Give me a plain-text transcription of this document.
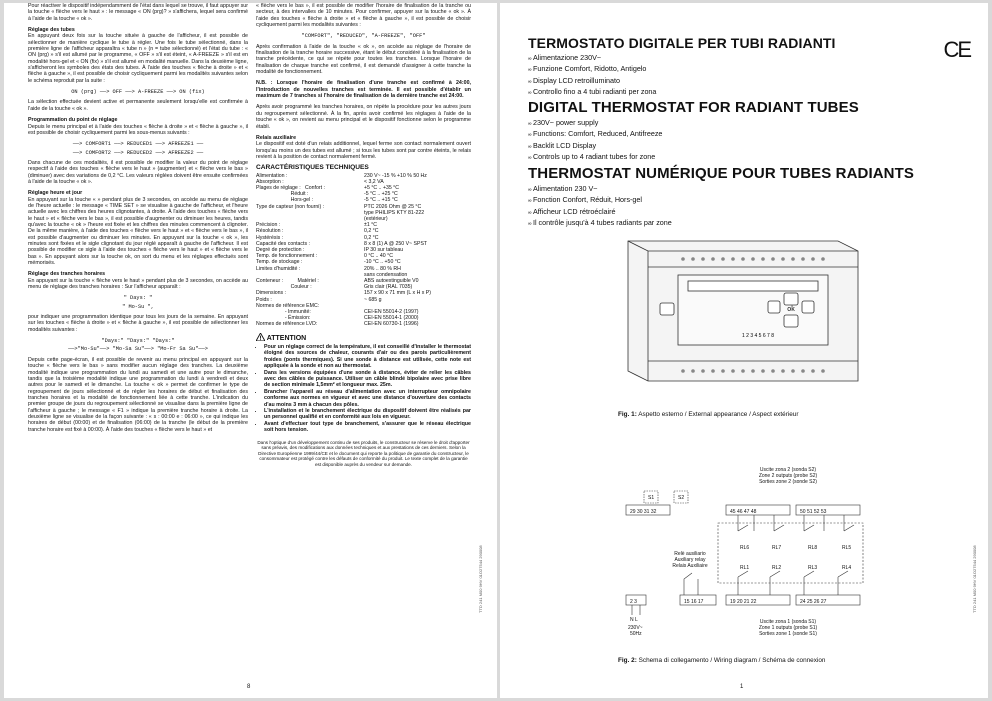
Pour réactiver le dispositif indépendamment de l'état dans lequel se trouve, il faut appuyer sur la touche « flèche vers le haut » : le message « ON (prg)? » s'affichera, lequel sera confirmé à l'aide de la touche « ok ».

Réglage des tubes

En appuyant deux fois sur la touche située à gauche de l'afficheur, il est possible de sélectionner de manière cyclique le tube à régler. Une fois le tube sélectionné, dans la première ligne de l'afficheur apparaîtra « tube n » (n = tube sélectionné) et l'état du tube : « ON (prg) » s'il est allumé par le programme, « OFF » s'il est éteint, « A-FREEZE » s'il est en modalité hors-gel et « ON (fix) » s'il est allumé en modalité manuelle. Dans la deuxième ligne, s'afficheront les symboles des états des tubes. À l'aide des touches « flèche à droite » et « flèche à gauche », il est possible de choisir cycliquement parmi les modalités suivantes selon le schéma reproduit par la suite :

ON (prg) ——> OFF ——> A-FREEZE ——> ON (fix)

La sélection effectuée devient active et permanente seulement lorsqu'elle est confirmée à l'aide de la touche « ok ».

Programmation du point de réglage

Depuis le menu principal et à l'aide des touches « flèche à droite » et « flèche à gauche », il est possible de choisir cycliquement parmi les sous-menus suivants :

——> COMFORT1 ——> REDUCED1 ——> AFREEZE1 ——
——> COMFORT2 ——> REDUCED2 ——> AFREEZE2 ——

Dans chacune de ces modalités, il est possible de modifier la valeur du point de réglage respectif à l'aide des touches « flèche vers le haut » (augmenter) et « flèche vers le bas » (diminuer) avec des variations de 0,2 °C. Les valeurs réglées doivent être ensuite confirmées à l'aide de la touche « ok ».

Réglage heure et jour

En appuyant sur la touche « » pendant plus de 3 secondes, on accède au menu de réglage de l'heure actuelle : le message « TIME SET » se visualise à gauche de l'afficheur, et l'heure actuelle avec les chiffres des heures clignotantes, à droite. À l'aide des touches « flèche vers le haut » et « flèche vers le bas », il est possible d'augmenter ou diminuer les heures, tandis qu'avec la touche « ok » l'heure est fixée et les chiffres des minutes commencent à clignoter. De la même manière, à l'aide des touches « flèche vers le haut » et « flèche vers le bas », il est possible d'augmenter ou diminuer les minutes. En appuyant sur la touche « ok », les minutes sont fixées et le sigle clignotant du jour réglé apparaît à gauche de l'afficheur. Il est possible de modifier ce sigle à l'aide des touches « flèche vers le haut » et « flèche vers le bas ». En appuyant alors sur la touche ok, on sort du menu et les réglages effectués sont mémorisés.

Réglage des tranches horaires

En appuyant sur la touche « flèche vers le haut » pendant plus de 3 secondes, on accède au menu de réglage des tranches horaires : Sur l'afficheur apparaît :

" Days: "
" Mo-Su ",

pour indiquer une programmation identique pour tous les jours de la semaine. En appuyant sur les touches « flèche à droite » et « flèche à gauche », il est possible de sélectionner les modalités suivantes :

"Days:" "Days:" "Days:"
——>"Mo-Su"——> "Mo-Sa Su"——> "Mo-Fr Sa Su"——>

Depuis cette page-écran, il est possible de revenir au menu principal en appuyant sur la touche « flèche vers le bas » sans modifier aucun réglage des tranches. La deuxième modalité indique une programmation du lundi au samedi et une autre pour le dimanche, tandis que la troisième modalité indique une programmation du lundi à vendredi et deux autres pour le samedi et le dimanche. La touche « ok » permet de confirmer le type de regroupement de jours sélectionné et de régler les horaires de début et finalisation des tranches horaires et la modalité de fonctionnement liée à cette tranche. L'indication du premier groupe de jours du regroupement sélectionné se visualise dans la première ligne de l'afficheur à gauche ; le message « F1 » indique la première tranche horaire à droite. La deuxième ligne se visualise de la façon suivante : « s : 00:00 e : 06:00 », ce qui indique les horaires de début (00:00) et de finalisation (06:00) de la tranche (le début de la première tranche horaire est fixé à 00:00). À l'aide des touches « flèche vers le haut » et

« flèche vers le bas », il est possible de modifier l'horaire de finalisation de la tranche ou secteur, à des intervalles de 10 minutes. Pour confirmer, appuyer sur la touche « ok ». À l'aide des touches « flèche à droite » et « flèche à gauche », il est possible de choisir cycliquement parmi les modalités suivantes :

"COMFORT", "REDUCED", "A-FREEZE", "OFF"

Après confirmation à l'aide de la touche « ok », on accède au réglage de l'horaire de finalisation de la tranche horaire successive, étant le début considéré à la finalisation de la tranche précédente, ce qui se répète pour toutes les tranches. Lorsque l'horaire de finalisation de chaque tranche est confirmé, il est demandé d'assigner à cette tranche la modalité de fonctionnement.

N.B. : Lorsque l'horaire de finalisation d'une tranche est confirmé à 24:00, l'introduction de nouvelles tranches est terminée. Il est possible d'établir un maximum de 7 tranches si l'horaire de finalisation de la dernière tranche est 24:00.

Après avoir programmé les tranches horaires, on répète la procédure pour les autres jours du regroupement sélectionné. À la fin, après avoir confirmé les réglages à l'aide de la touche « ok », on revient au menu principal et le dispositif fonctionne selon le programme établi.

Relais auxiliaire

Le dispositif est doté d'un relais additionnel, lequel ferme son contact normalement ouvert lorsqu'au moins un des tubes est allumé ; si tous les tubes sont par contre éteints, le relais revient à la position de contact normalement fermé.

CARACTÉRISTIQUES TECHNIQUES
Alimentation :	230 V~ -15 % +10 % 50 Hz
Absorption :	< 3,2 VA
Plages de réglage :   Confort :	+5 °C .. +35 °C
Réduit :	-5 °C .. +25 °C
Hors-gel :	-5 °C .. +15 °C
Type de capteur (non fourni) :	PTC 2026 Ohm @ 25 °C
	type PHILIPS KTY 81-222
	(extérieur)
Précision :	±1 °C
Résolution :	0,2 °C
Hystérésis :	0,2 °C
Capacité des contacts :	8 x 8 (1) A @ 250 V~ SPST
Degré de protection :	IP 30 sur tableau
Temp. de fonctionnement :	0 °C .. 40 °C
Temp. de stockage :	-10 °C .. +50 °C
Limites d'humidité :	20% .. 80 % RH
	sans condensation
Conteneur :          Matériel :	ABS autoextinguible V0
Couleur :	Gris clair (RAL 7035)
Dimensions :	157 x 90 x 71 mm (L x H x P)
Poids :	~ 685 g
Normes de référence EMC:	
- Immunité:	CEI-EN 55014-2 (1997)
- Émission:	CEI-EN 55014-1 (2000)
Normes de référence LVD:	CEI-EN 60730-1 (1996)
ATTENTION
• Pour un réglage correct de la température, il est conseillé d'installer le thermostat éloigné des sources de chaleur, courants d'air ou des parois particulièrement froides (ponts thermiques). Si une sonde à distance est utilisée, cette note est appliquée à la sonde et non au thermostat.
• Dans les versions équipées d'une sonde à distance, éviter de relier les câbles avec des câbles de puissance. Utiliser un câble blindé bipolaire avec prise libre de section minimale 1,5mm² et longueur max. 25m.
• Brancher l'appareil au réseau d'alimentation avec un interrupteur omnipolaire conforme aux normes en vigueur et avec une distance d'ouverture des contacts d'au moins 3 mm à chacun des pôles.
• L'installation et le branchement électrique du dispositif doivent être réalisés par un personnel qualifié et en conformité aux lois en vigueur.
• Avant d'effectuer tout type de branchement, s'assurer que le réseau électrique soit hors tension.
Dans l'optique d'un développement continu de ses produits, le constructeur se réserve le droit d'apporter sans préavis, des modifications aux données techniques et aux prestations de ces derniers. Selon la Directive Européenne 1999/44/CE et le document qui reporte la politique de garantie du constructeur, le consommateur est protégé contre les défauts de conformité du produit. Le texte complet de la garantie est disponible auprès du vendeur sur demande.
TTD 241 M00 9HV 01O27544 290008
8
TERMOSTATO DIGITALE PER TUBI RADIANTI
∞ Alimentazione 230V~
∞ Funzione Comfort, Ridotto, Antigelo
∞ Display LCD retroilluminato
∞ Controllo fino a 4 tubi radianti per zona
CE
DIGITAL THERMOSTAT FOR RADIANT TUBES
∞ 230V~ power supply
∞ Functions: Comfort, Reduced, Antifreeze
∞ Backlit LCD Display
∞ Controls up to 4 radiant tubes for zone
THERMOSTAT NUMÉRIQUE POUR TUBES RADIANTS
∞ Alimentation 230 V~
∞ Fonction Confort, Réduit, Hors-gel
∞ Afficheur LCD rétroéclairé
∞ Il contrôle jusqu'à 4 tubes radiants par zone
ok
1 2 3 4 5 6 7 8
Fig. 1: Aspetto esterno / External appearance / Aspect extérieur
Uscite zona 2 (sonda S2)
Zone 2 outputs (probe S2)
Sorties zone 2 (sonde S2)
S1	S2
29 30 31 32	45 46 47 48	50 51 52 53
RL6	RL7	RL8	RL5
Relè ausiliario
Auxiliary relay
Relais Auxiliaire	RL1	RL2	RL3	RL4
2 3	15 16 17	19 20 21 22	24 25 26 27
N L
230V~
50Hz
Uscite zona 1 (sonda S1)
Zone 1 outputs (probe S1)
Sorties zone 1 (sonde S1)
Fig. 2: Schema di collegamento / Wiring diagram / Schéma de connexion
TTD 241 M00 9HV 01O27544 290008
1
